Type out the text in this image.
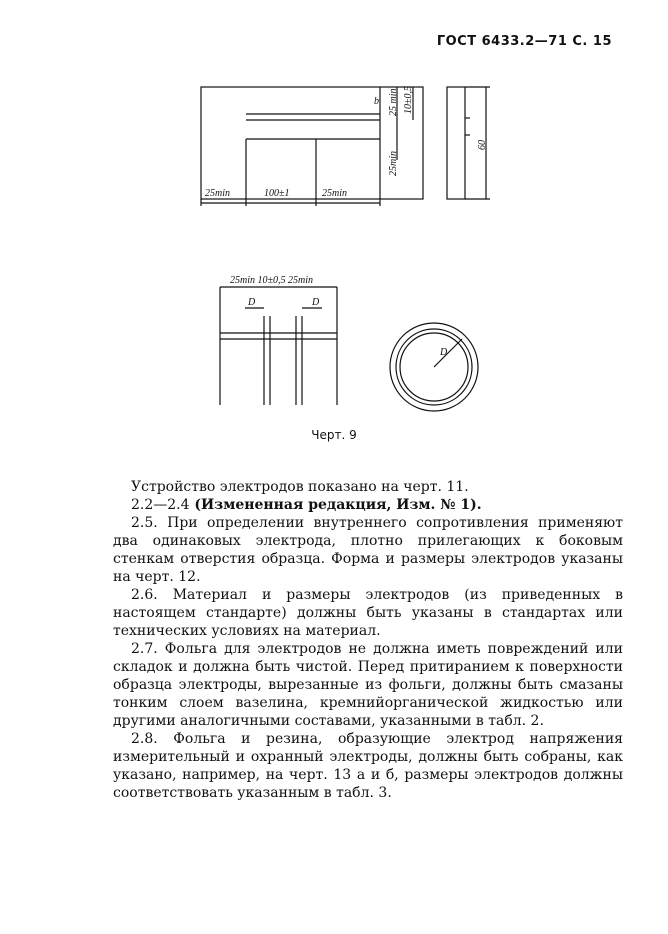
ГОСТ 6433.2—71 С. 15
25min	100±1	25min
b 25 min 10±0,5
25min
60
25min 10±0,5 25min
D	D
D
Черт. 9

Устройство электродов показано на черт. 11.

2.2—2.4 (Измененная редакция, Изм. № 1).

2.5. При определении внутреннего сопротивления применяют два одинаковых электрода, плотно прилегающих к боковым стенкам отверстия образца. Форма и размеры электродов указаны на черт. 12.

2.6. Материал и размеры электродов (из приведенных в настоящем стандарте) должны быть указаны в стандартах или технических условиях на материал.

2.7. Фольга для электродов не должна иметь повреждений или складок и должна быть чистой. Перед притиранием к поверхности образца электроды, вырезанные из фольги, должны быть смазаны тонким слоем вазелина, кремнийорганической жидкостью или другими аналогичными составами, указанными в табл. 2.

2.8. Фольга и резина, образующие электрод напряжения измерительный и охранный электроды, должны быть собраны, как указано, например, на черт. 13 а и б, размеры электродов должны соответствовать указанным в табл. 3.
